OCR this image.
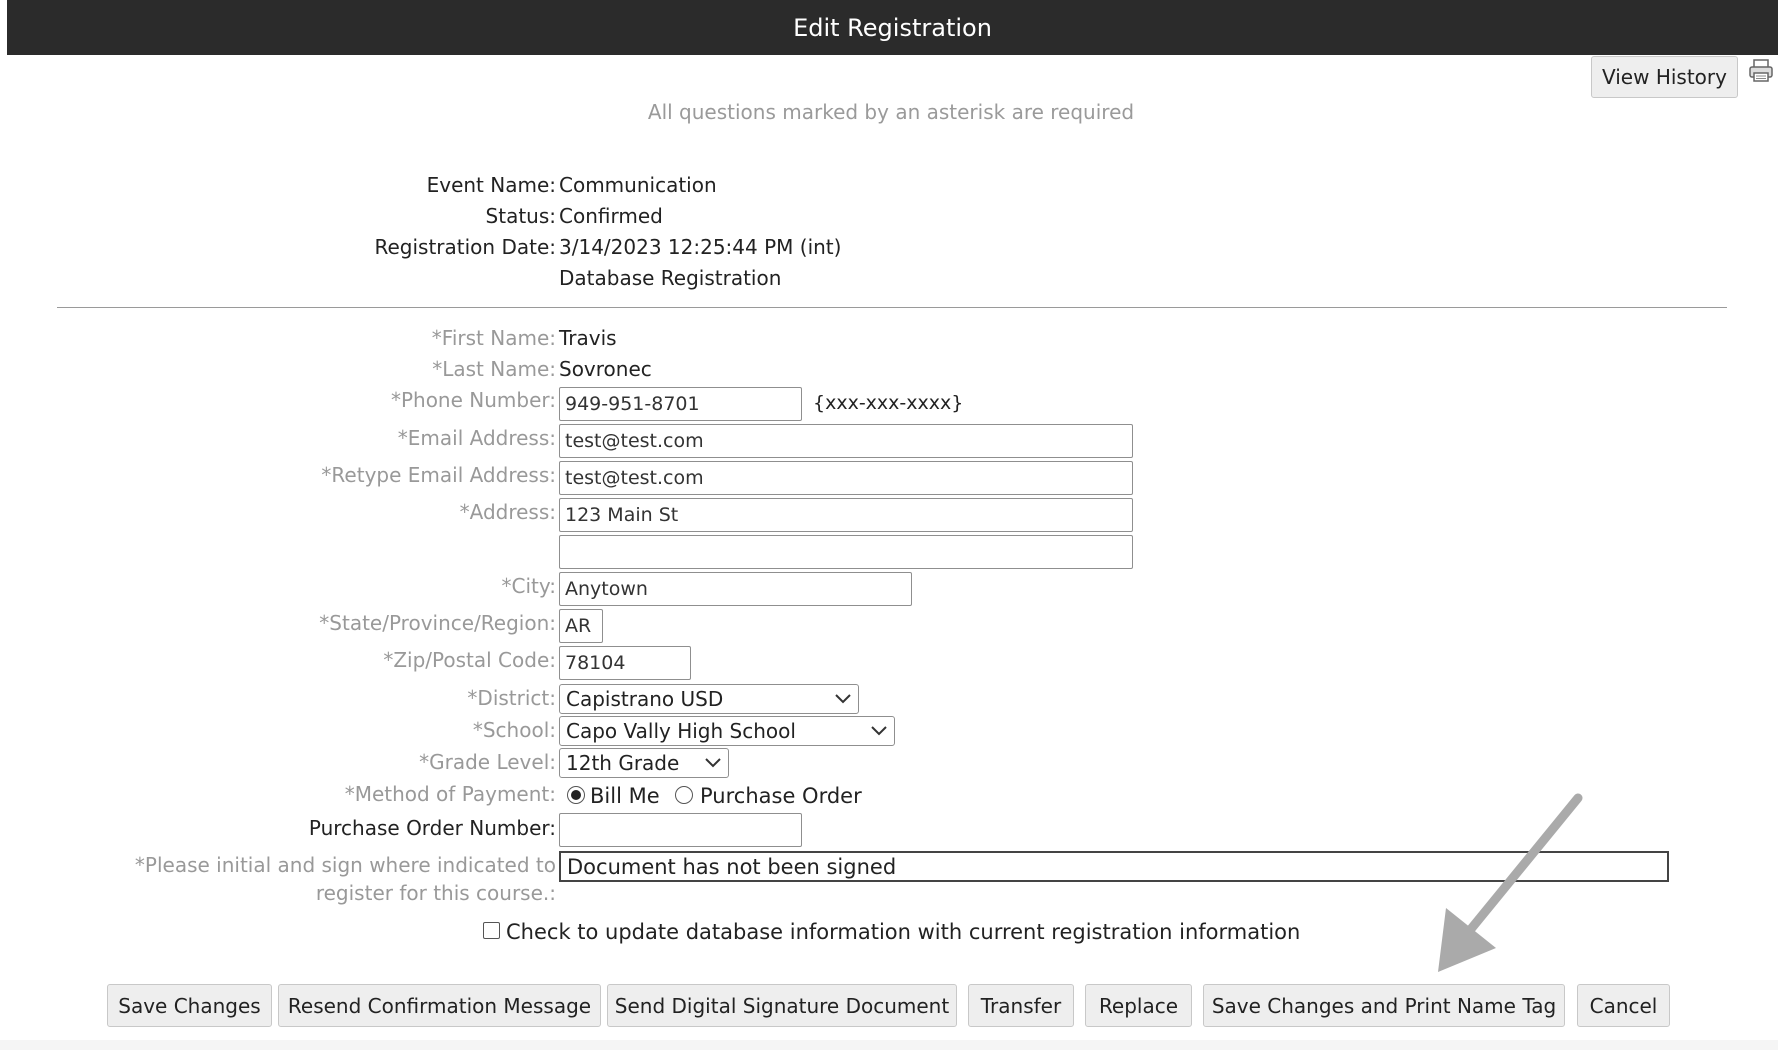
Edit Registration
View History
All questions marked by an asterisk are required
Event Name: Communication
Status: Confirmed
Registration Date: 3/14/2023 12:25:44 PM (int)
Database Registration
*First Name: Travis
*Last Name: Sovronec
*Phone Number:
949-951-8701	{xxx-xxx-xxxx}
*Email Address:
test@test.com
*Retype Email Address:
test@test.com
*Address:
123 Main St
*City:
Anytown
*State/Province/Region:
AR
*Zip/Postal Code:
78104
*District: Capistrano USD
*School: Capo Vally High School
*Grade Level: 12th Grade
*Method of Payment: Bill Me Purchase Order
Purchase Order Number:
*Please initial and sign where indicated to
register for this course.:
Document has not been signed
Check to update database information with current registration information
Save Changes	Resend Confirmation Message	Send Digital Signature Document	Transfer	Replace	Save Changes and Print Name Tag	Cancel
